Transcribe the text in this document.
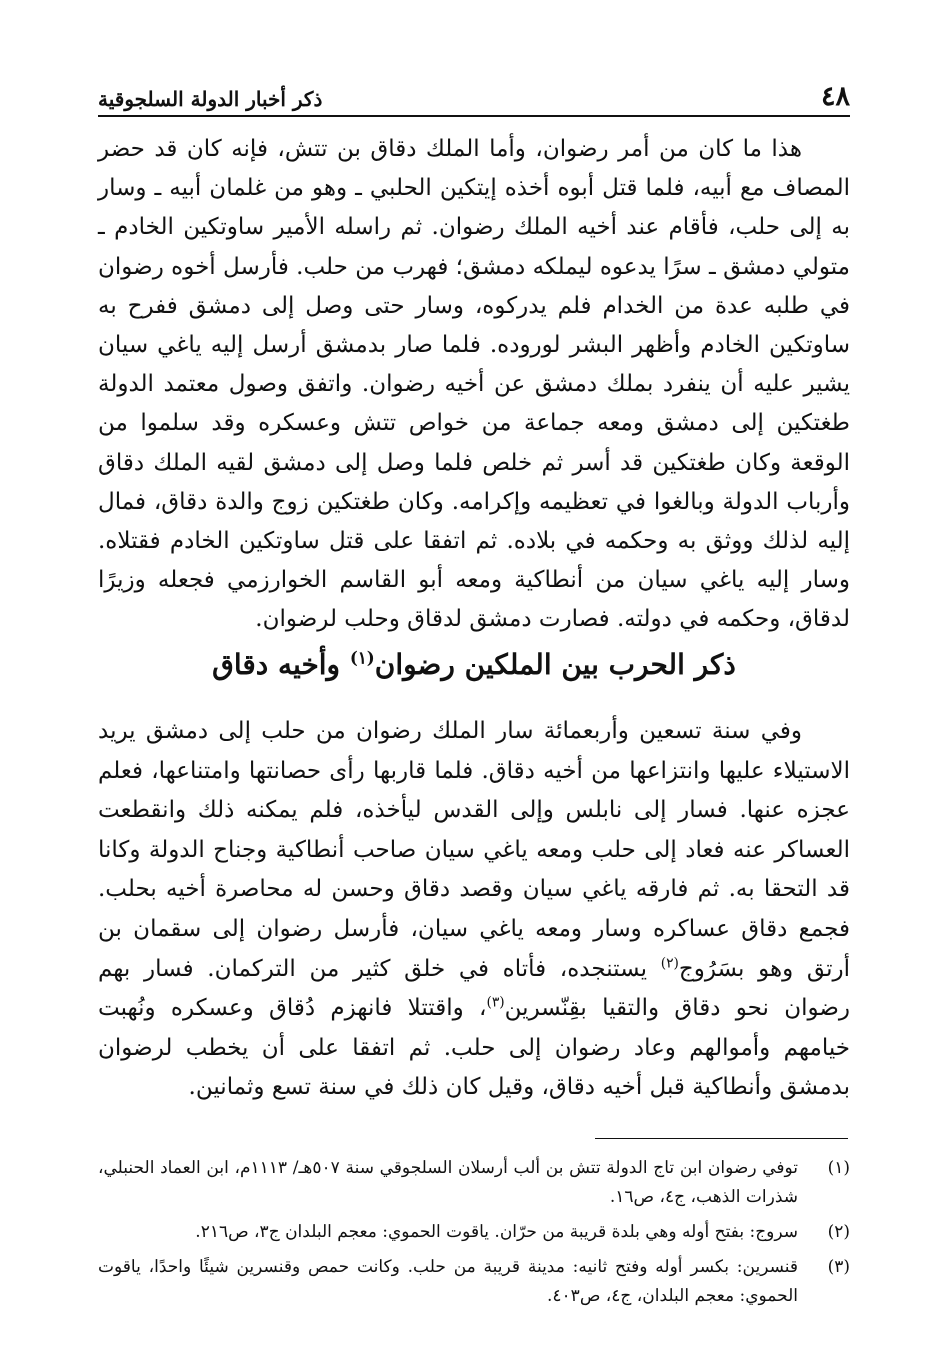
٤٨
ذكر أخبار الدولة السلجوقية

هذا ما كان من أمر رضوان، وأما الملك دقاق بن تتش، فإنه كان قد حضر المصاف مع أبيه، فلما قتل أبوه أخذه إيتكين الحلبي ـ وهو من غلمان أبيه ـ وسار به إلى حلب، فأقام عند أخيه الملك رضوان. ثم راسله الأمير ساوتكين الخادم ـ متولي دمشق ـ سرًا يدعوه ليملكه دمشق؛ فهرب من حلب. فأرسل أخوه رضوان في طلبه عدة من الخدام فلم يدركوه، وسار حتى وصل إلى دمشق ففرح به ساوتكين الخادم وأظهر البشر لوروده. فلما صار بدمشق أرسل إليه ياغي سيان يشير عليه أن ينفرد بملك دمشق عن أخيه رضوان. واتفق وصول معتمد الدولة طغتكين إلى دمشق ومعه جماعة من خواص تتش وعسكره وقد سلموا من الوقعة وكان طغتكين قد أسر ثم خلص فلما وصل إلى دمشق لقيه الملك دقاق وأرباب الدولة وبالغوا في تعظيمه وإكرامه. وكان طغتكين زوج والدة دقاق، فمال إليه لذلك ووثق به وحكمه في بلاده. ثم اتفقا على قتل ساوتكين الخادم فقتلاه. وسار إليه ياغي سيان من أنطاكية ومعه أبو القاسم الخوارزمي فجعله وزيرًا لدقاق، وحكمه في دولته. فصارت دمشق لدقاق وحلب لرضوان.

ذكر الحرب بين الملكين رضوان$^{(١)}$ وأخيه دقاق

وفي سنة تسعين وأربعمائة سار الملك رضوان من حلب إلى دمشق يريد الاستيلاء عليها وانتزاعها من أخيه دقاق. فلما قاربها رأى حصانتها وامتناعها، فعلم عجزه عنها. فسار إلى نابلس وإلى القدس ليأخذه، فلم يمكنه ذلك وانقطعت العساكر عنه فعاد إلى حلب ومعه ياغي سيان صاحب أنطاكية وجناح الدولة وكانا قد التحقا به. ثم فارقه ياغي سيان وقصد دقاق وحسن له محاصرة أخيه بحلب. فجمع دقاق عساكره وسار ومعه ياغي سيان، فأرسل رضوان إلى سقمان بن أرتق وهو بسَرُوج$^{(٢)}$ يستنجده، فأتاه في خلق كثير من التركمان. فسار بهم رضوان نحو دقاق والتقيا بقِنّسرين$^{(٣)}$، واقتتلا فانهزم دُقاق وعسكره ونُهبت خيامهم وأموالهم وعاد رضوان إلى حلب. ثم اتفقا على أن يخطب لرضوان بدمشق وأنطاكية قبل أخيه دقاق، وقيل كان ذلك في سنة تسع وثمانين.

(١)
توفي رضوان ابن تاج الدولة تتش بن ألب أرسلان السلجوقي سنة ٥٠٧هـ/ ١١١٣م، ابن العماد الحنبلي، شذرات الذهب، ج٤، ص١٦.
(٢)
سروج: بفتح أوله وهي بلدة قريبة من حرّان. ياقوت الحموي: معجم البلدان ج٣، ص٢١٦.
(٣)
قنسرين: بكسر أوله وفتح ثانيه: مدينة قريبة من حلب. وكانت حمص وقنسرين شيئًا واحدًا، ياقوت الحموي: معجم البلدان، ج٤، ص٤٠٣.
